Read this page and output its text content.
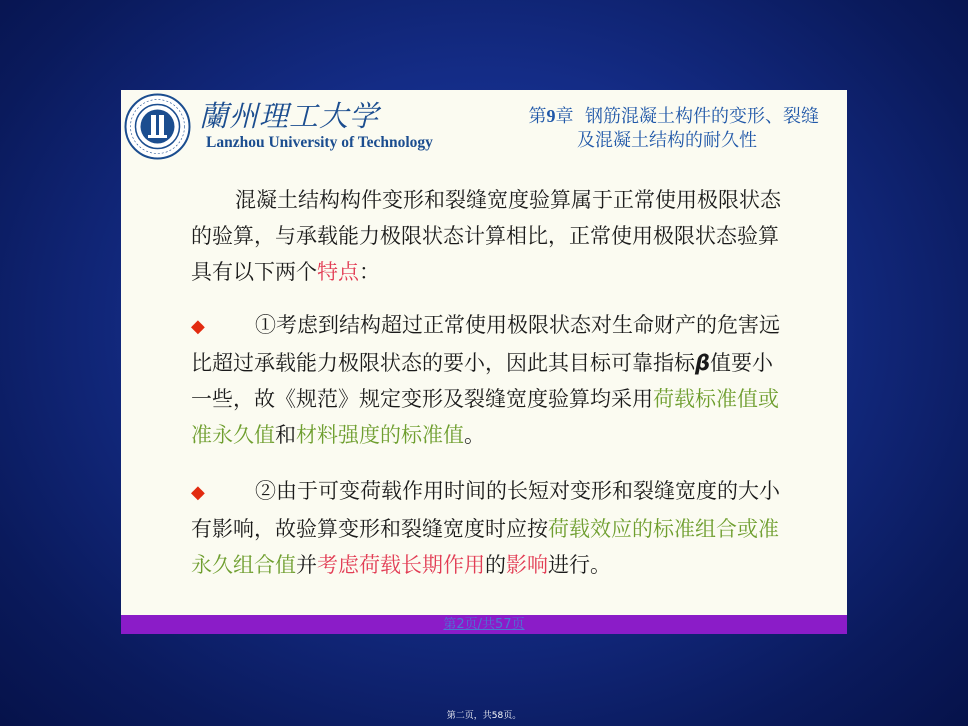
蘭州理工大学
Lanzhou University of Technology
第9章 钢筋混凝土构件的变形、裂缝
及混凝土结构的耐久性
混凝土结构构件变形和裂缝宽度验算属于正常使用极限状态的验算，与承载能力极限状态计算相比，正常使用极限状态验算具有以下两个特点：
◆ ①考虑到结构超过正常使用极限状态对生命财产的危害远比超过承载能力极限状态的要小，因此其目标可靠指标β值要小一些，故《规范》规定变形及裂缝宽度验算均采用荷载标准值或准永久值和材料强度的标准值。
◆ ②由于可变荷载作用时间的长短对变形和裂缝宽度的大小有影响，故验算变形和裂缝宽度时应按荷载效应的标准组合或准永久组合值并考虑荷载长期作用的影响进行。
第2页/共57页
第二页，共58页。
